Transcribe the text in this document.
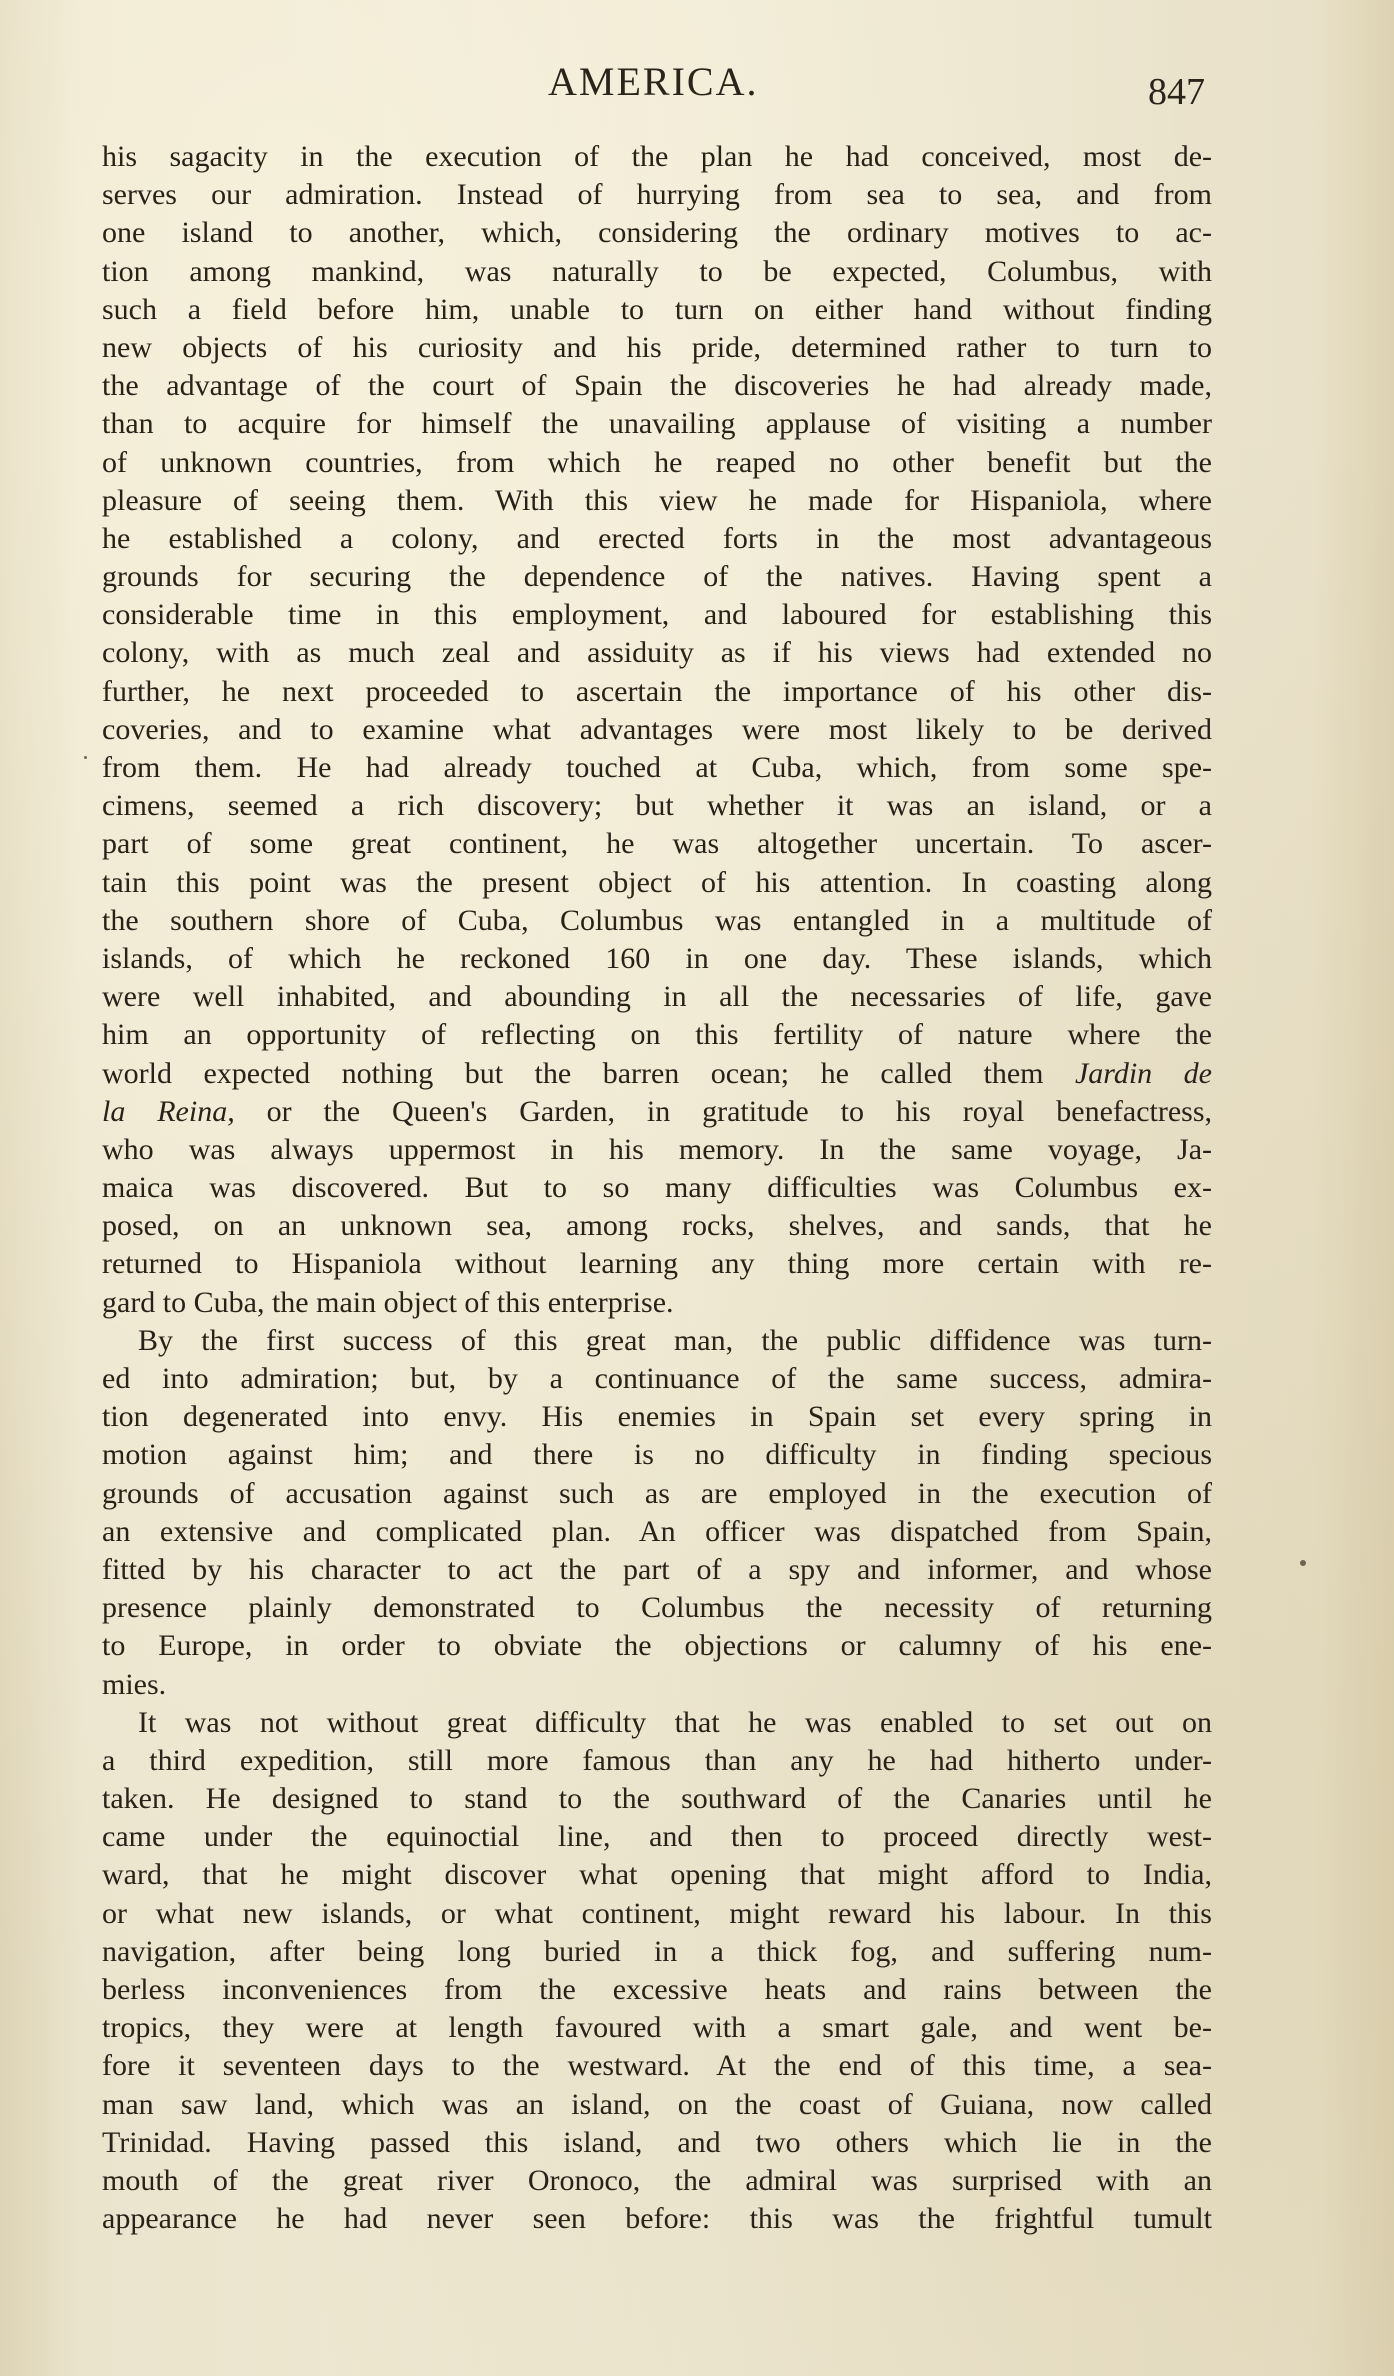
AMERICA.	847
his sagacity in the execution of the plan he had conceived, most de-
serves our admiration. Instead of hurrying from sea to sea, and from
one island to another, which, considering the ordinary motives to ac-
tion among mankind, was naturally to be expected, Columbus, with
such a field before him, unable to turn on either hand without finding
new objects of his curiosity and his pride, determined rather to turn to
the advantage of the court of Spain the discoveries he had already made,
than to acquire for himself the unavailing applause of visiting a number
of unknown countries, from which he reaped no other benefit but the
pleasure of seeing them. With this view he made for Hispaniola, where
he established a colony, and erected forts in the most advantageous
grounds for securing the dependence of the natives. Having spent a
considerable time in this employment, and laboured for establishing this
colony, with as much zeal and assiduity as if his views had extended no
further, he next proceeded to ascertain the importance of his other dis-
coveries, and to examine what advantages were most likely to be derived
from them. He had already touched at Cuba, which, from some spe-
cimens, seemed a rich discovery; but whether it was an island, or a
part of some great continent, he was altogether uncertain. To ascer-
tain this point was the present object of his attention. In coasting along
the southern shore of Cuba, Columbus was entangled in a multitude of
islands, of which he reckoned 160 in one day. These islands, which
were well inhabited, and abounding in all the necessaries of life, gave
him an opportunity of reflecting on this fertility of nature where the
world expected nothing but the barren ocean; he called them Jardin de
la Reina, or the Queen's Garden, in gratitude to his royal benefactress,
who was always uppermost in his memory. In the same voyage, Ja-
maica was discovered. But to so many difficulties was Columbus ex-
posed, on an unknown sea, among rocks, shelves, and sands, that he
returned to Hispaniola without learning any thing more certain with re-
gard to Cuba, the main object of this enterprise.
By the first success of this great man, the public diffidence was turn-
ed into admiration; but, by a continuance of the same success, admira-
tion degenerated into envy. His enemies in Spain set every spring in
motion against him; and there is no difficulty in finding specious
grounds of accusation against such as are employed in the execution of
an extensive and complicated plan. An officer was dispatched from Spain,
fitted by his character to act the part of a spy and informer, and whose
presence plainly demonstrated to Columbus the necessity of returning
to Europe, in order to obviate the objections or calumny of his ene-
mies.
It was not without great difficulty that he was enabled to set out on
a third expedition, still more famous than any he had hitherto under-
taken. He designed to stand to the southward of the Canaries until he
came under the equinoctial line, and then to proceed directly west-
ward, that he might discover what opening that might afford to India,
or what new islands, or what continent, might reward his labour. In this
navigation, after being long buried in a thick fog, and suffering num-
berless inconveniences from the excessive heats and rains between the
tropics, they were at length favoured with a smart gale, and went be-
fore it seventeen days to the westward. At the end of this time, a sea-
man saw land, which was an island, on the coast of Guiana, now called
Trinidad. Having passed this island, and two others which lie in the
mouth of the great river Oronoco, the admiral was surprised with an
appearance he had never seen before: this was the frightful tumult
